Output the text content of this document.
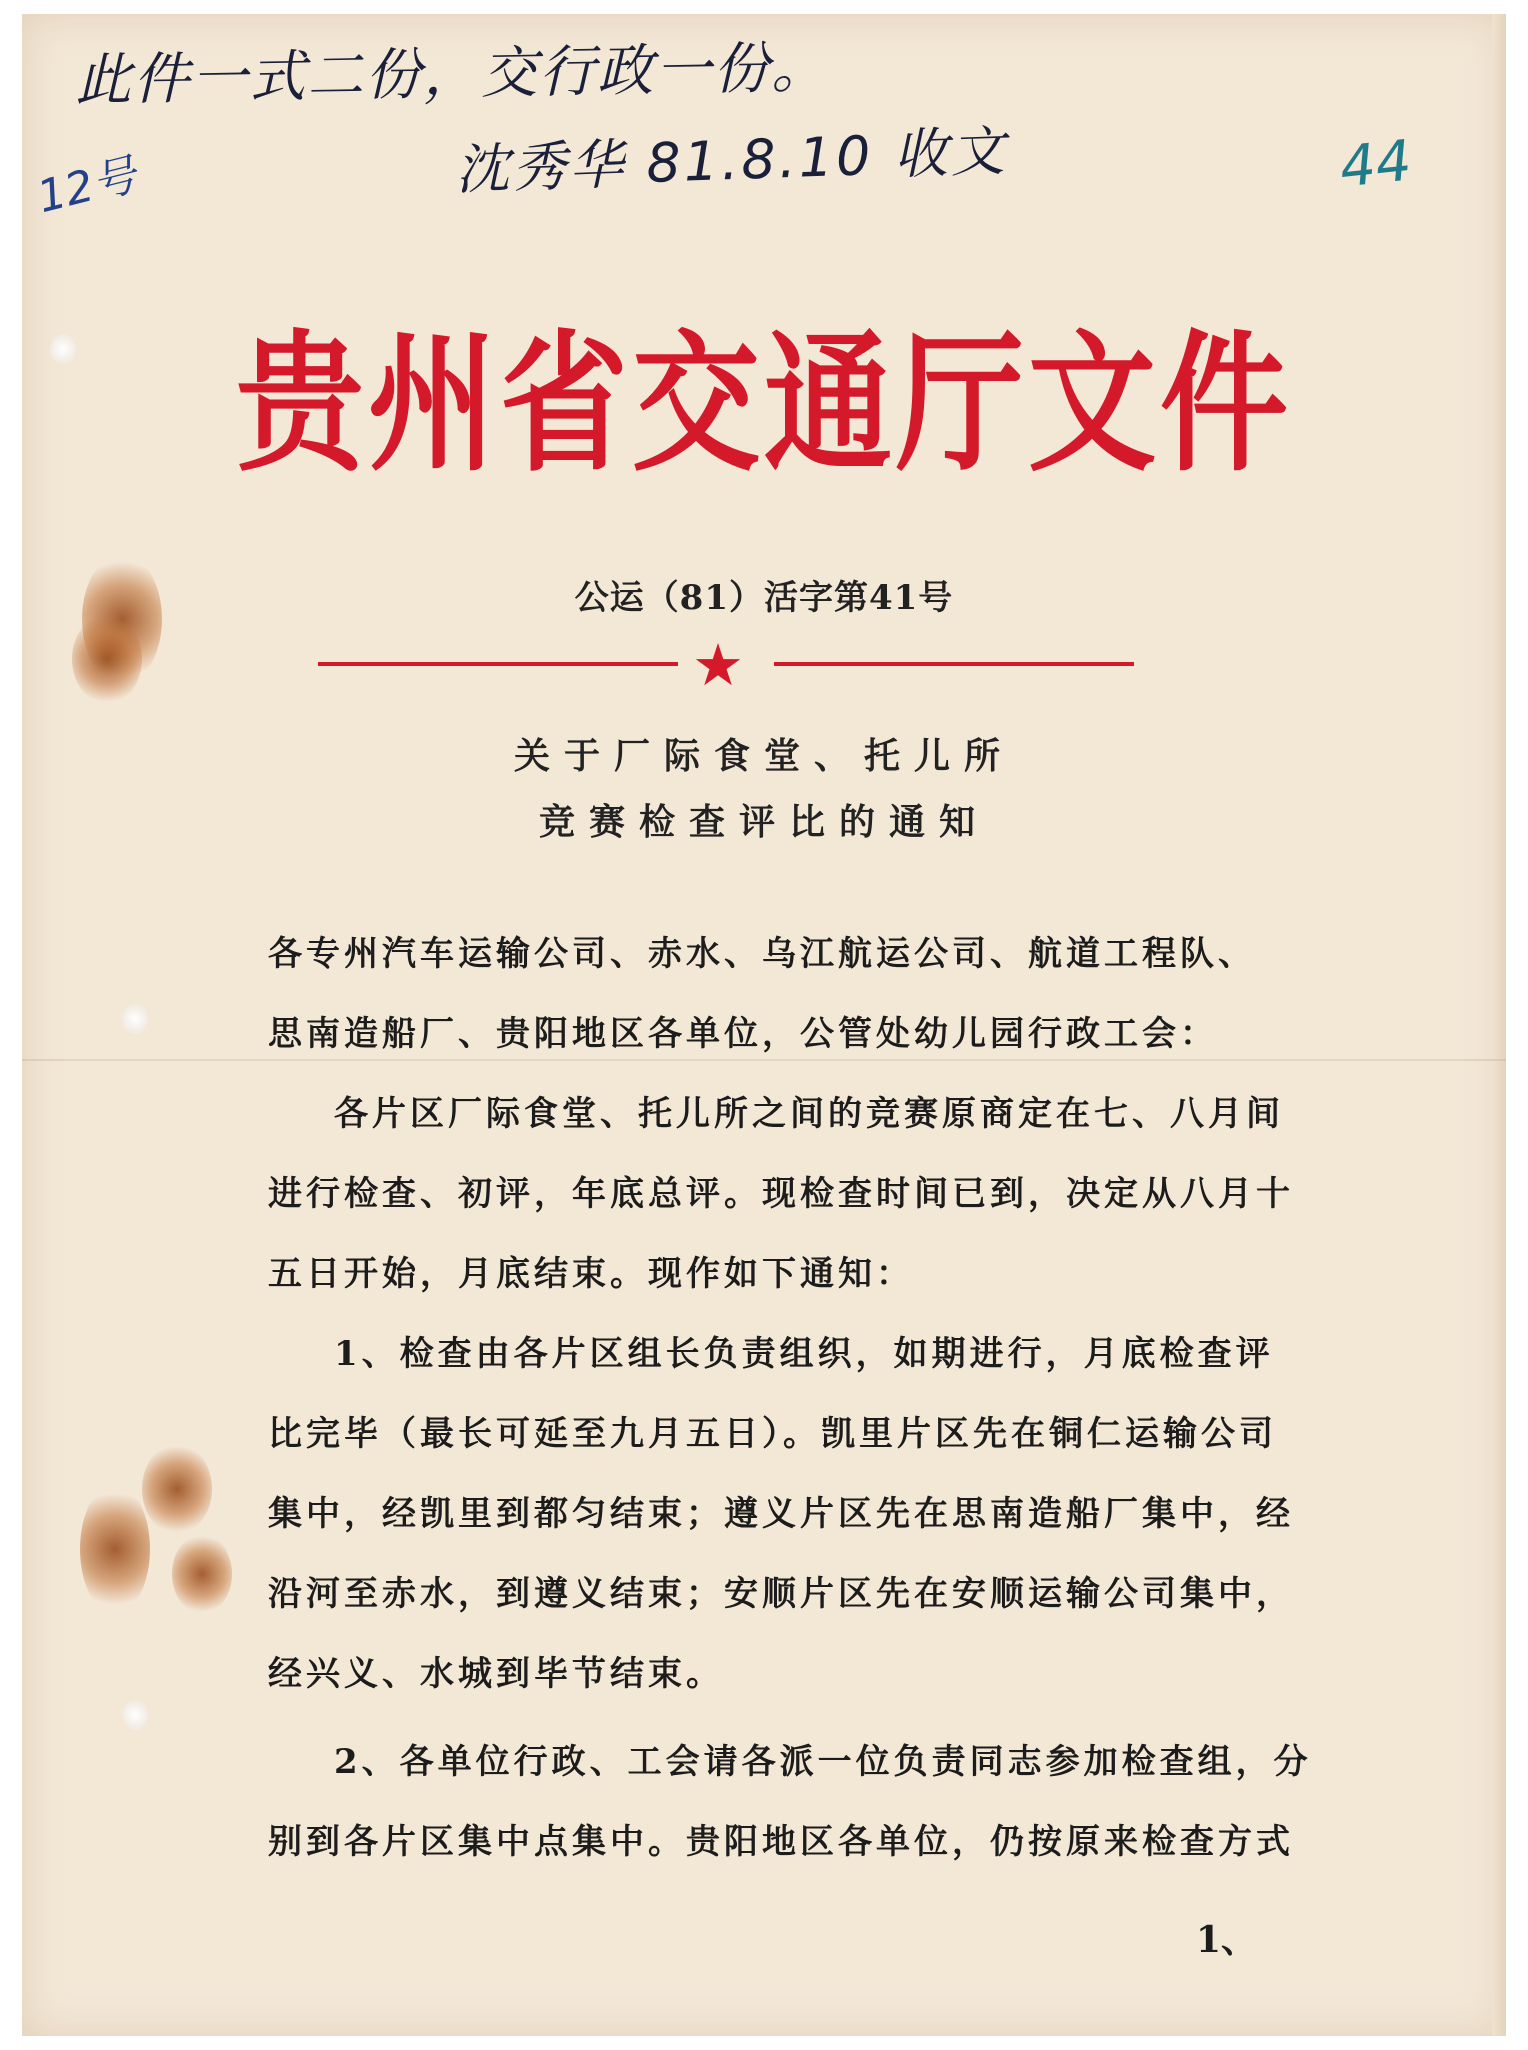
此件一式二份，交行政一份。
沈秀华 81.8.10 收文
12号	44
贵州省交通厅文件
公运（81）活字第41号
★
关于厂际食堂、托儿所
竞赛检查评比的通知
各专州汽车运输公司、赤水、乌江航运公司、航道工程队、
思南造船厂、贵阳地区各单位，公管处幼儿园行政工会：
各片区厂际食堂、托儿所之间的竞赛原商定在七、八月间
进行检查、初评，年底总评。现检查时间已到，决定从八月十
五日开始，月底结束。现作如下通知：
1、检查由各片区组长负责组织，如期进行，月底检查评
比完毕（最长可延至九月五日）。凯里片区先在铜仁运输公司
集中，经凯里到都匀结束；遵义片区先在思南造船厂集中，经
沿河至赤水，到遵义结束；安顺片区先在安顺运输公司集中，
经兴义、水城到毕节结束。
2、各单位行政、工会请各派一位负责同志参加检查组，分
别到各片区集中点集中。贵阳地区各单位，仍按原来检查方式
1、
